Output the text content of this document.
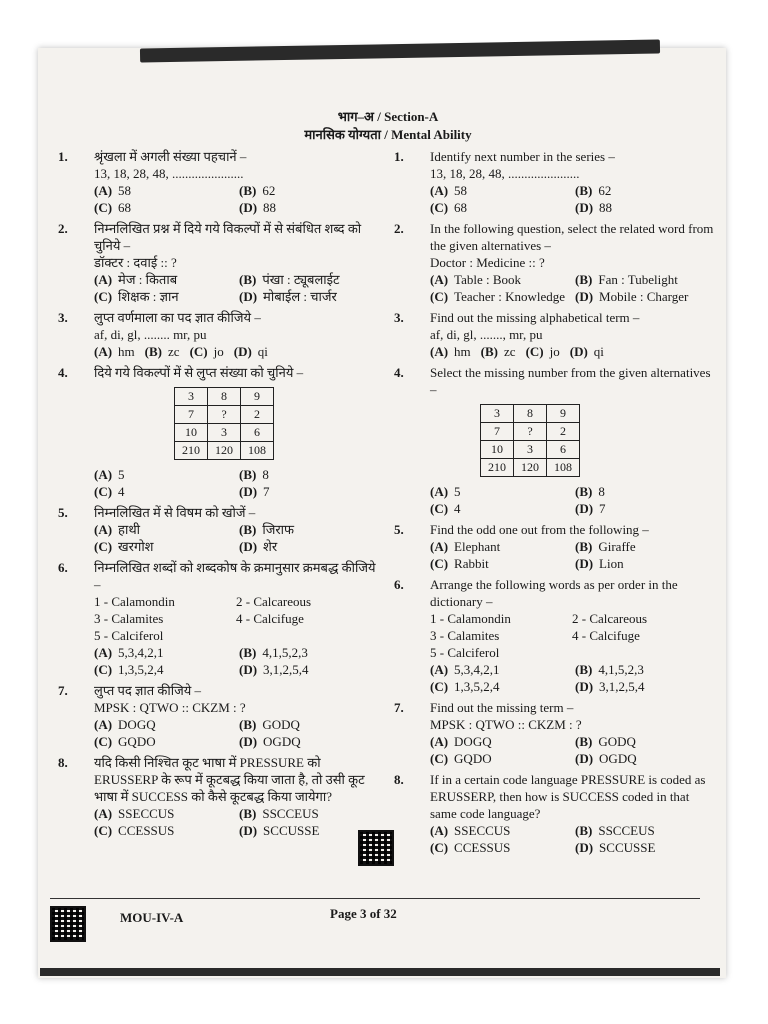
भाग–अ / Section-A
मानसिक योग्यता / Mental Ability
1. श्रृंखला में अगली संख्या पहचानें –
13, 18, 28, 48, ......................
(A) 58	(B) 62
(C) 68	(D) 88
2. निम्नलिखित प्रश्न में दिये गये विकल्पों में से संबंधित शब्द को चुनिये –
डॉक्टर : दवाई :: ?
(A) मेज : किताब	(B) पंखा : ट्यूबलाईट
(C) शिक्षक : ज्ञान	(D) मोबाईल : चार्जर
3. लुप्त वर्णमाला का पद ज्ञात कीजिये –
af, di, gl, ........ mr, pu
(A) hm (B) zc (C) jo (D) qi
4. दिये गये विकल्पों में से लुप्त संख्या को चुनिये –
3	8	9
7	?	2
10	3	6
210	120	108
(A) 5	(B) 8
(C) 4	(D) 7
5. निम्नलिखित में से विषम को खोजें –
(A) हाथी	(B) जिराफ
(C) खरगोश	(D) शेर
6. निम्नलिखित शब्दों को शब्दकोष के क्रमानुसार क्रमबद्ध कीजिये –
1 - Calamondin	2 - Calcareous
3 - Calamites	4 - Calcifuge
5 - Calciferol
(A) 5,3,4,2,1	(B) 4,1,5,2,3
(C) 1,3,5,2,4	(D) 3,1,2,5,4
7. लुप्त पद ज्ञात कीजिये –
MPSK : QTWO :: CKZM : ?
(A) DOGQ	(B) GODQ
(C) GQDO	(D) OGDQ
8. यदि किसी निश्चित कूट भाषा में PRESSURE को ERUSSERP के रूप में कूटबद्ध किया जाता है, तो उसी कूट भाषा में SUCCESS को कैसे कूटबद्ध किया जायेगा?
(A) SSECCUS	(B) SSCCEUS
(C) CCESSUS	(D) SCCUSSE
1. Identify next number in the series –
13, 18, 28, 48, ......................
(A) 58	(B) 62
(C) 68	(D) 88
2. In the following question, select the related word from the given alternatives –
Doctor : Medicine :: ?
(A) Table : Book	(B) Fan : Tubelight
(C) Teacher : Knowledge (D) Mobile : Charger
3. Find out the missing alphabetical term –
af, di, gl, ......., mr, pu
(A) hm (B) zc (C) jo (D) qi
4. Select the missing number from the given alternatives –
3	8	9
7	?	2
10	3	6
210	120	108
(A) 5	(B) 8
(C) 4	(D) 7
5. Find the odd one out from the following –
(A) Elephant	(B) Giraffe
(C) Rabbit	(D) Lion
6. Arrange the following words as per order in the dictionary –
1 - Calamondin	2 - Calcareous
3 - Calamites	4 - Calcifuge
5 - Calciferol
(A) 5,3,4,2,1	(B) 4,1,5,2,3
(C) 1,3,5,2,4	(D) 3,1,2,5,4
7. Find out the missing term –
MPSK : QTWO :: CKZM : ?
(A) DOGQ	(B) GODQ
(C) GQDO	(D) OGDQ
8. If in a certain code language PRESSURE is coded as ERUSSERP, then how is SUCCESS coded in that same code language?
(A) SSECCUS	(B) SSCCEUS
(C) CCESSUS	(D) SCCUSSE
MOU-IV-A	Page 3 of 32
